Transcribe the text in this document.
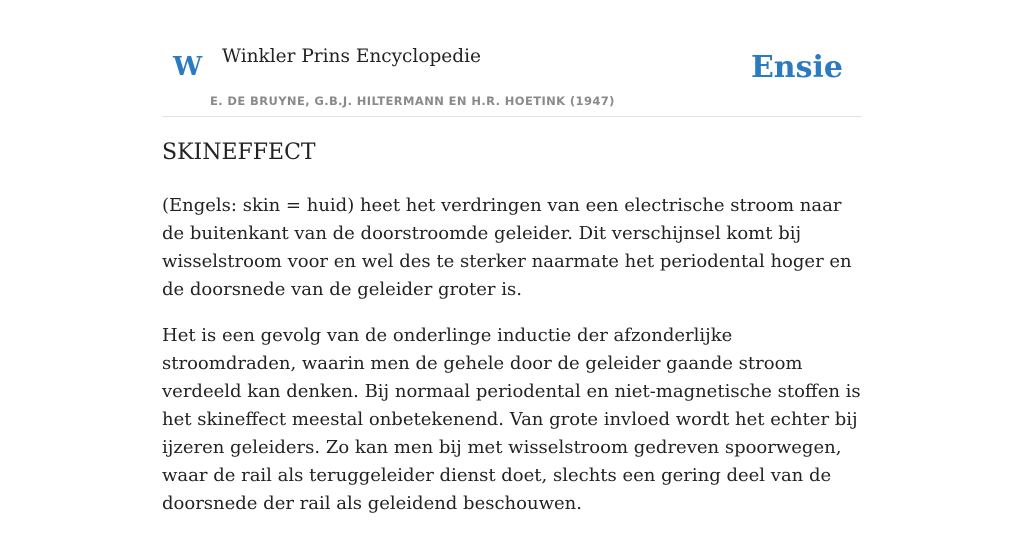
W Winkler Prins Encyclopedie
E. DE BRUYNE, G.B.J. HILTERMANN EN H.R. HOETINK (1947)
Ensie
SKINEFFECT

(Engels: skin = huid) heet het verdringen van een electrische stroom naar de buitenkant van de doorstroomde geleider. Dit verschijnsel komt bij wisselstroom voor en wel des te sterker naarmate het periodental hoger en de doorsnede van de geleider groter is.

Het is een gevolg van de onderlinge inductie der afzonderlijke stroomdraden, waarin men de gehele door de geleider gaande stroom verdeeld kan denken. Bij normaal periodental en niet-magnetische stoffen is het skineffect meestal onbetekenend. Van grote invloed wordt het echter bij ijzeren geleiders. Zo kan men bij met wisselstroom gedreven spoorwegen, waar de rail als teruggeleider dienst doet, slechts een gering deel van de doorsnede der rail als geleidend beschouwen.
